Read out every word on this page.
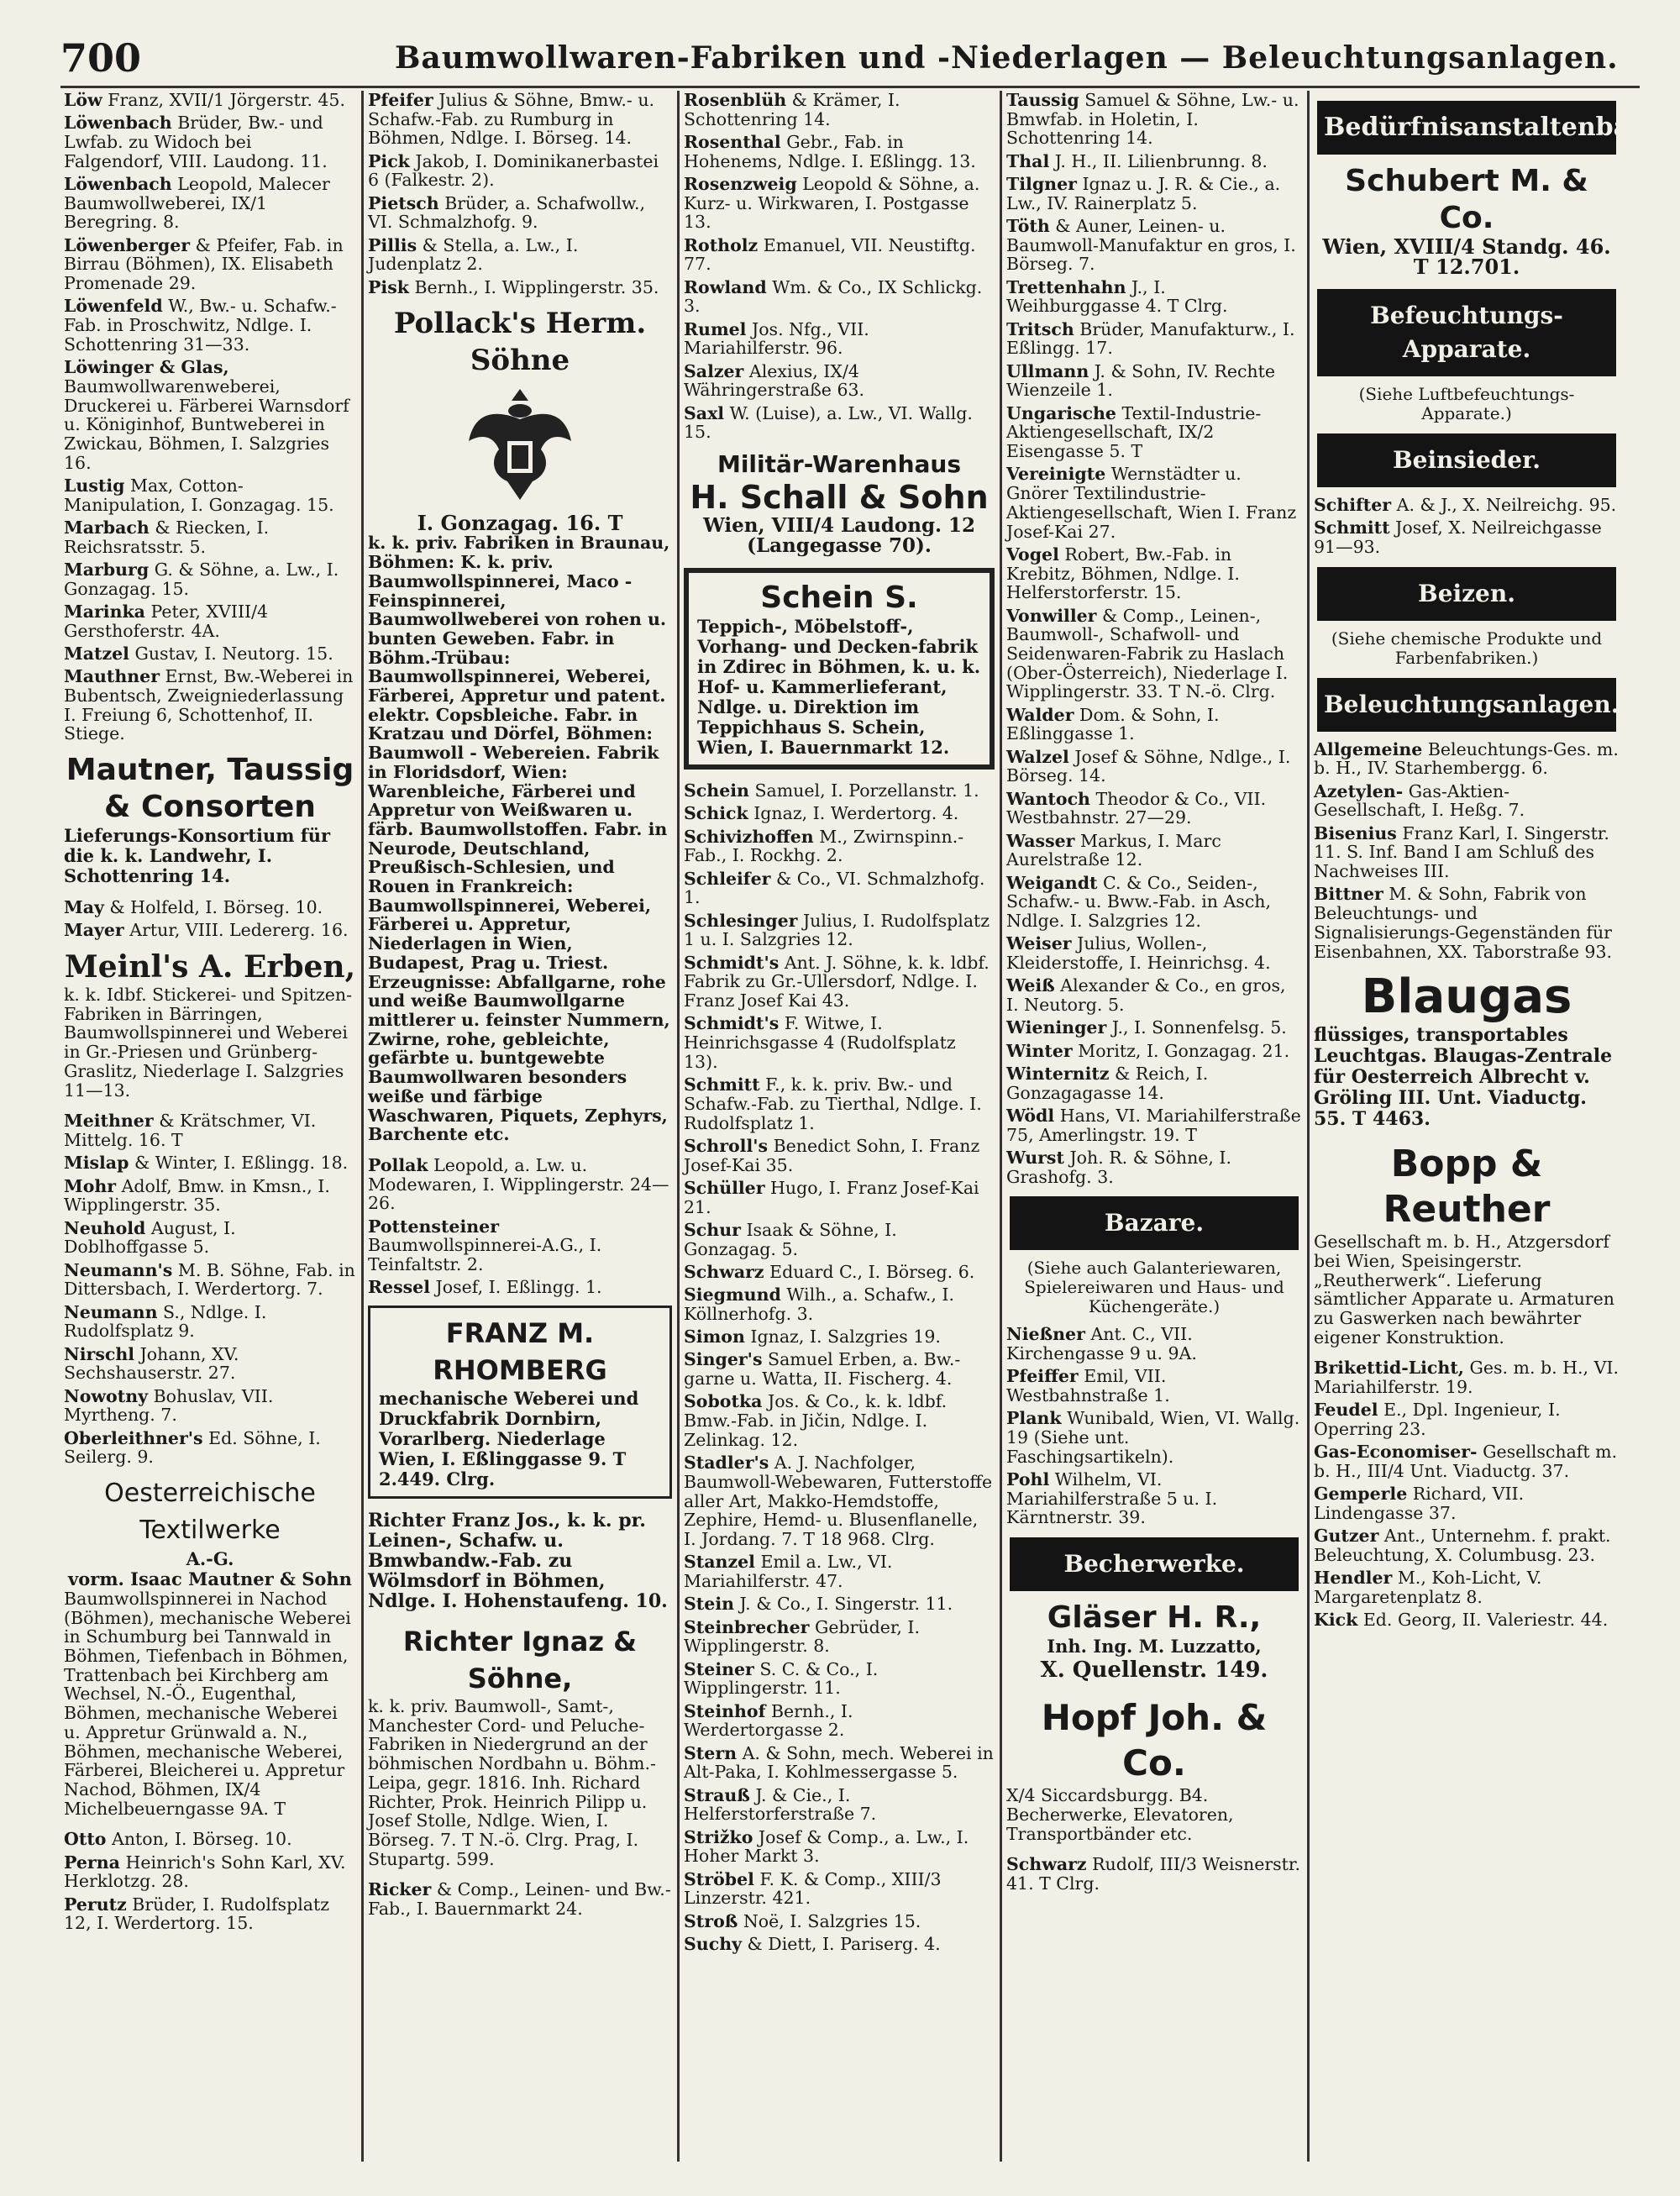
700	Baumwollwaren-Fabriken und -Niederlagen — Beleuchtungsanlagen.

Löw Franz, XVII/1 Jörgerstr. 45.

Löwenbach Brüder, Bw.- und Lwfab. zu Widoch bei Falgendorf, VIII. Laudong. 11.

Löwenbach Leopold, Malecer Baumwollweberei, IX/1 Beregring. 8.

Löwenberger & Pfeifer, Fab. in Birrau (Böhmen), IX. Elisabeth Promenade 29.

Löwenfeld W., Bw.- u. Schafw.-Fab. in Proschwitz, Ndlge. I. Schottenring 31—33.

Löwinger & Glas, Baumwollwarenweberei, Druckerei u. Färberei Warnsdorf u. Königinhof, Buntweberei in Zwickau, Böhmen, I. Salzgries 16.

Lustig Max, Cotton-Manipulation, I. Gonzagag. 15.

Marbach & Riecken, I. Reichsratsstr. 5.

Marburg G. & Söhne, a. Lw., I. Gonzagag. 15.

Marinka Peter, XVIII/4 Gersthoferstr. 4A.

Matzel Gustav, I. Neutorg. 15.

Mauthner Ernst, Bw.-Weberei in Bubentsch, Zweigniederlassung I. Freiung 6, Schottenhof, II. Stiege.

Mautner, Taussig & Consorten
Lieferungs-Konsortium für die k. k. Landwehr, I. Schottenring 14.

May & Holfeld, I. Börseg. 10.

Mayer Artur, VIII. Ledererg. 16.

Meinl's A. Erben,
k. k. Idbf. Stickerei- und Spitzen-Fabriken in Bärringen, Baumwollspinnerei und Weberei in Gr.-Priesen und Grünberg-Graslitz, Niederlage I. Salzgries 11—13.

Meithner & Krätschmer, VI. Mittelg. 16. T

Mislap & Winter, I. Eßlingg. 18.

Mohr Adolf, Bmw. in Kmsn., I. Wipplingerstr. 35.

Neuhold August, I. Doblhoffgasse 5.

Neumann's M. B. Söhne, Fab. in Dittersbach, I. Werdertorg. 7.

Neumann S., Ndlge. I. Rudolfsplatz 9.

Nirschl Johann, XV. Sechshauserstr. 27.

Nowotny Bohuslav, VII. Myrtheng. 7.

Oberleithner's Ed. Söhne, I. Seilerg. 9.

Oesterreichische Textilwerke
A.-G.
vorm. Isaac Mautner & Sohn
Baumwollspinnerei in Nachod (Böhmen), mechanische Weberei in Schumburg bei Tannwald in Böhmen, Tiefenbach in Böhmen, Trattenbach bei Kirchberg am Wechsel, N.-Ö., Eugenthal, Böhmen, mechanische Weberei u. Appretur Grünwald a. N., Böhmen, mechanische Weberei, Färberei, Bleicherei u. Appretur Nachod, Böhmen, IX/4 Michelbeuerngasse 9A. T

Otto Anton, I. Börseg. 10.

Perna Heinrich's Sohn Karl, XV. Herklotzg. 28.

Perutz Brüder, I. Rudolfsplatz 12, I. Werdertorg. 15.

Pfeifer Julius & Söhne, Bmw.- u. Schafw.-Fab. zu Rumburg in Böhmen, Ndlge. I. Börseg. 14.

Pick Jakob, I. Dominikanerbastei 6 (Falkestr. 2).

Pietsch Brüder, a. Schafwollw., VI. Schmalzhofg. 9.

Pillis & Stella, a. Lw., I. Judenplatz 2.

Pisk Bernh., I. Wipplingerstr. 35.

Pollack's Herm. Söhne
I. Gonzagag. 16. T
k. k. priv. Fabriken in Braunau, Böhmen: K. k. priv. Baumwollspinnerei, Maco - Feinspinnerei, Baumwollweberei von rohen u. bunten Geweben. Fabr. in Böhm.-Trübau: Baumwollspinnerei, Weberei, Färberei, Appretur und patent. elektr. Copsbleiche. Fabr. in Kratzau und Dörfel, Böhmen: Baumwoll - Webereien. Fabrik in Floridsdorf, Wien: Warenbleiche, Färberei und Appretur von Weißwaren u. färb. Baumwollstoffen. Fabr. in Neurode, Deutschland, Preußisch-Schlesien, und Rouen in Frankreich: Baumwollspinnerei, Weberei, Färberei u. Appretur, Niederlagen in Wien, Budapest, Prag u. Triest. Erzeugnisse: Abfallgarne, rohe und weiße Baumwollgarne mittlerer u. feinster Nummern, Zwirne, rohe, gebleichte, gefärbte u. buntgewebte Baumwollwaren besonders weiße und färbige Waschwaren, Piquets, Zephyrs, Barchente etc.

Pollak Leopold, a. Lw. u. Modewaren, I. Wipplingerstr. 24—26.

Pottensteiner Baumwollspinnerei-A.G., I. Teinfaltstr. 2.

Ressel Josef, I. Eßlingg. 1.

FRANZ M. RHOMBERG
mechanische Weberei und Druckfabrik Dornbirn, Vorarlberg. Niederlage Wien, I. Eßlinggasse 9. T 2.449. Clrg.
Richter Franz Jos., k. k. pr. Leinen-, Schafw. u. Bmwbandw.-Fab. zu Wölmsdorf in Böhmen, Ndlge. I. Hohenstaufeng. 10.
Richter Ignaz & Söhne,
k. k. priv. Baumwoll-, Samt-, Manchester Cord- und Peluche-Fabriken in Niedergrund an der böhmischen Nordbahn u. Böhm.-Leipa, gegr. 1816. Inh. Richard Richter, Prok. Heinrich Pilipp u. Josef Stolle, Ndlge. Wien, I. Börseg. 7. T N.-ö. Clrg. Prag, I. Stupartg. 599.

Ricker & Comp., Leinen- und Bw.-Fab., I. Bauernmarkt 24.

Rosenblüh & Krämer, I. Schottenring 14.

Rosenthal Gebr., Fab. in Hohenems, Ndlge. I. Eßlingg. 13.

Rosenzweig Leopold & Söhne, a. Kurz- u. Wirkwaren, I. Postgasse 13.

Rotholz Emanuel, VII. Neustiftg. 77.

Rowland Wm. & Co., IX Schlickg. 3.

Rumel Jos. Nfg., VII. Mariahilferstr. 96.

Salzer Alexius, IX/4 Währingerstraße 63.

Saxl W. (Luise), a. Lw., VI. Wallg. 15.

Militär-Warenhaus
H. Schall & Sohn
Wien, VIII/4 Laudong. 12 (Langegasse 70).
Schein S.
Teppich-, Möbelstoff-, Vorhang- und Decken-fabrik in Zdirec in Böhmen, k. u. k. Hof- u. Kammerlieferant, Ndlge. u. Direktion im Teppichhaus S. Schein, Wien, I. Bauernmarkt 12.

Schein Samuel, I. Porzellanstr. 1.

Schick Ignaz, I. Werdertorg. 4.

Schivizhoffen M., Zwirnspinn.-Fab., I. Rockhg. 2.

Schleifer & Co., VI. Schmalzhofg. 1.

Schlesinger Julius, I. Rudolfsplatz 1 u. I. Salzgries 12.

Schmidt's Ant. J. Söhne, k. k. ldbf. Fabrik zu Gr.-Ullersdorf, Ndlge. I. Franz Josef Kai 43.

Schmidt's F. Witwe, I. Heinrichsgasse 4 (Rudolfsplatz 13).

Schmitt F., k. k. priv. Bw.- und Schafw.-Fab. zu Tierthal, Ndlge. I. Rudolfsplatz 1.

Schroll's Benedict Sohn, I. Franz Josef-Kai 35.

Schüller Hugo, I. Franz Josef-Kai 21.

Schur Isaak & Söhne, I. Gonzagag. 5.

Schwarz Eduard C., I. Börseg. 6.

Siegmund Wilh., a. Schafw., I. Köllnerhofg. 3.

Simon Ignaz, I. Salzgries 19.

Singer's Samuel Erben, a. Bw.-garne u. Watta, II. Fischerg. 4.

Sobotka Jos. & Co., k. k. ldbf. Bmw.-Fab. in Jičin, Ndlge. I. Zelinkag. 12.

Stadler's A. J. Nachfolger, Baumwoll-Webewaren, Futterstoffe aller Art, Makko-Hemdstoffe, Zephire, Hemd- u. Blusenflanelle, I. Jordang. 7. T 18 968. Clrg.

Stanzel Emil a. Lw., VI. Mariahilferstr. 47.

Stein J. & Co., I. Singerstr. 11.

Steinbrecher Gebrüder, I. Wipplingerstr. 8.

Steiner S. C. & Co., I. Wipplingerstr. 11.

Steinhof Bernh., I. Werdertorgasse 2.

Stern A. & Sohn, mech. Weberei in Alt-Paka, I. Kohlmessergasse 5.

Strauß J. & Cie., I. Helferstorferstraße 7.

Strižko Josef & Comp., a. Lw., I. Hoher Markt 3.

Ströbel F. K. & Comp., XIII/3 Linzerstr. 421.

Stroß Noë, I. Salzgries 15.

Suchy & Diett, I. Pariserg. 4.

Taussig Samuel & Söhne, Lw.- u. Bmwfab. in Holetin, I. Schottenring 14.

Thal J. H., II. Lilienbrunng. 8.

Tilgner Ignaz u. J. R. & Cie., a. Lw., IV. Rainerplatz 5.

Töth & Auner, Leinen- u. Baumwoll-Manufaktur en gros, I. Börseg. 7.

Trettenhahn J., I. Weihburggasse 4. T Clrg.

Tritsch Brüder, Manufakturw., I. Eßlingg. 17.

Ullmann J. & Sohn, IV. Rechte Wienzeile 1.

Ungarische Textil-Industrie-Aktiengesellschaft, IX/2 Eisengasse 5. T

Vereinigte Wernstädter u. Gnörer Textilindustrie-Aktiengesellschaft, Wien I. Franz Josef-Kai 27.

Vogel Robert, Bw.-Fab. in Krebitz, Böhmen, Ndlge. I. Helferstorferstr. 15.

Vonwiller & Comp., Leinen-, Baumwoll-, Schafwoll- und Seidenwaren-Fabrik zu Haslach (Ober-Österreich), Niederlage I. Wipplingerstr. 33. T N.-ö. Clrg.

Walder Dom. & Sohn, I. Eßlinggasse 1.

Walzel Josef & Söhne, Ndlge., I. Börseg. 14.

Wantoch Theodor & Co., VII. Westbahnstr. 27—29.

Wasser Markus, I. Marc Aurelstraße 12.

Weigandt C. & Co., Seiden-, Schafw.- u. Bww.-Fab. in Asch, Ndlge. I. Salzgries 12.

Weiser Julius, Wollen-, Kleiderstoffe, I. Heinrichsg. 4.

Weiß Alexander & Co., en gros, I. Neutorg. 5.

Wieninger J., I. Sonnenfelsg. 5.

Winter Moritz, I. Gonzagag. 21.

Winternitz & Reich, I. Gonzagagasse 14.

Wödl Hans, VI. Mariahilferstraße 75, Amerlingstr. 19. T

Wurst Joh. R. & Söhne, I. Grashofg. 3.

Bazare.
(Siehe auch Galanteriewaren, Spielereiwaren und Haus- und Küchengeräte.)

Nießner Ant. C., VII. Kirchengasse 9 u. 9A.

Pfeiffer Emil, VII. Westbahnstraße 1.

Plank Wunibald, Wien, VI. Wallg. 19 (Siehe unt. Faschingsartikeln).

Pohl Wilhelm, VI. Mariahilferstraße 5 u. I. Kärntnerstr. 39.

Becherwerke.
Gläser H. R.,
Inh. Ing. M. Luzzatto,
X. Quellenstr. 149.
Hopf Joh. & Co.
X/4 Siccardsburgg. B4. Becherwerke, Elevatoren, Transportbänder etc.

Schwarz Rudolf, III/3 Weisnerstr. 41. T Clrg.

Bedürfnisanstaltenbau.
Schubert M. & Co.
Wien, XVIII/4 Standg. 46.
T 12.701.
Befeuchtungs-Apparate.
(Siehe Luftbefeuchtungs-Apparate.)
Beinsieder.

Schifter A. & J., X. Neilreichg. 95.

Schmitt Josef, X. Neilreichgasse 91—93.

Beizen.
(Siehe chemische Produkte und Farbenfabriken.)
Beleuchtungsanlagen.

Allgemeine Beleuchtungs-Ges. m. b. H., IV. Starhembergg. 6.

Azetylen- Gas-Aktien-Gesellschaft, I. Heßg. 7.

Bisenius Franz Karl, I. Singerstr. 11. S. Inf. Band I am Schluß des Nachweises III.

Bittner M. & Sohn, Fabrik von Beleuchtungs- und Signalisierungs-Gegenständen für Eisenbahnen, XX. Taborstraße 93.

Blaugas
flüssiges, transportables Leuchtgas. Blaugas-Zentrale für Oesterreich Albrecht v. Gröling III. Unt. Viaductg. 55. T 4463.
Bopp & Reuther
Gesellschaft m. b. H., Atzgersdorf bei Wien, Speisingerstr. „Reutherwerk“. Lieferung sämtlicher Apparate u. Armaturen zu Gaswerken nach bewährter eigener Konstruktion.

Brikettid-Licht, Ges. m. b. H., VI. Mariahilferstr. 19.

Feudel E., Dpl. Ingenieur, I. Operring 23.

Gas-Economiser- Gesellschaft m. b. H., III/4 Unt. Viaductg. 37.

Gemperle Richard, VII. Lindengasse 37.

Gutzer Ant., Unternehm. f. prakt. Beleuchtung, X. Columbusg. 23.

Hendler M., Koh-Licht, V. Margaretenplatz 8.

Kick Ed. Georg, II. Valeriestr. 44.
